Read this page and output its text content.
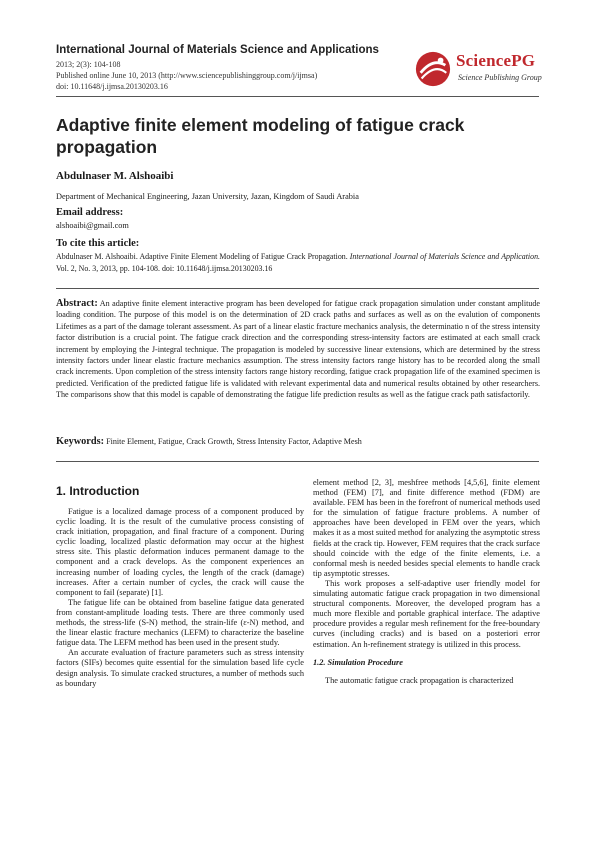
International Journal of Materials Science and Applications
2013; 2(3): 104-108
Published online June 10, 2013 (http://www.sciencepublishinggroup.com/j/ijmsa)
doi: 10.11648/j.ijmsa.20130203.16
SciencePG
Science Publishing Group
Adaptive finite element modeling of fatigue crack propagation
Abdulnaser M. Alshoaibi
Department of Mechanical Engineering, Jazan University, Jazan, Kingdom of Saudi Arabia
Email address:
alshoaibi@gmail.com
To cite this article:
Abdulnaser M. Alshoaibi. Adaptive Finite Element Modeling of Fatigue Crack Propagation. International Journal of Materials Science and Application. Vol. 2, No. 3, 2013, pp. 104-108. doi: 10.11648/j.ijmsa.20130203.16
Abstract: An adaptive finite element interactive program has been developed for fatigue crack propagation simulation under constant amplitude loading condition. The purpose of this model is on the determination of 2D crack paths and surfaces as well as on the evalution of components Lifetimes as a part of the damage tolerant assessment. As part of a linear elastic fracture mechanics analysis, the determinatio n of the stress intensity factor distribution is a crucial point. The fatigue crack direction and the corresponding stress-intensity factors are estimated at each small crack increment by employing the J-integral technique. The propagation is modeled by successive linear extensions, which are determined by the stress intensity factors under linear elastic fracture mechanics assumption. The stress intensity factors range history has to be recorded along the small crack increments. Upon completion of the stress intensity factors range history recording, fatigue crack propagation life of the examined specimen is predicted. Verification of the predicted fatigue life is validated with relevant experimental data and numerical results obtained by other researchers. The comparisons show that this model is capable of demonstrating the fatigue life prediction results as well as the fatigue crack path satisfactorily.
Keywords: Finite Element, Fatigue, Crack Growth, Stress Intensity Factor, Adaptive Mesh
1. Introduction

Fatigue is a localized damage process of a component produced by cyclic loading. It is the result of the cumulative process consisting of crack initiation, propagation, and final fracture of a component. During cyclic loading, localized plastic deformation may occur at the highest stress site. This plastic deformation induces permanent damage to the component and a crack develops. As the component experiences an increasing number of loading cycles, the length of the crack (damage) increases. After a certain number of cycles, the crack will cause the component to fail (separate) [1].

The fatigue life can be obtained from baseline fatigue data generated from constant-amplitude loading tests. There are three commonly used methods, the stress-life (S-N) method, the strain-life (ε-N) method, and the linear elastic fracture mechanics (LEFM) to characterize the baseline fatigue data. The LEFM method has been used in the present study.

An accurate evaluation of fracture parameters such as stress intensity factors (SIFs) becomes quite essential for the simulation based life cycle design analysis. To simulate cracked structures, a number of methods such as boundary

element method [2, 3], meshfree methods [4,5,6], finite element method (FEM) [7], and finite difference method (FDM) are available. FEM has been in the forefront of numerical methods used for the simulation of fatigue fracture problems. A number of approaches have been developed in FEM over the years, which makes it as a most suited method for analyzing the asymptotic stress fields at the crack tip. However, FEM requires that the crack surface should coincide with the edge of the finite elements, i.e. a conformal mesh is needed besides special elements to handle crack tip asymptotic stresses.

This work proposes a self-adaptive user friendly model for simulating automatic fatigue crack propagation in two dimensional structural components. Moreover, the developed program has a much more flexible and portable graphical interface. The adaptive procedure provides a regular mesh refinement for the free-boundary curves (including cracks) and is based on a posteriori error estimation. An h-refinement strategy is utilized in this process.

1.2. Simulation Procedure

The automatic fatigue crack propagation is characterized
